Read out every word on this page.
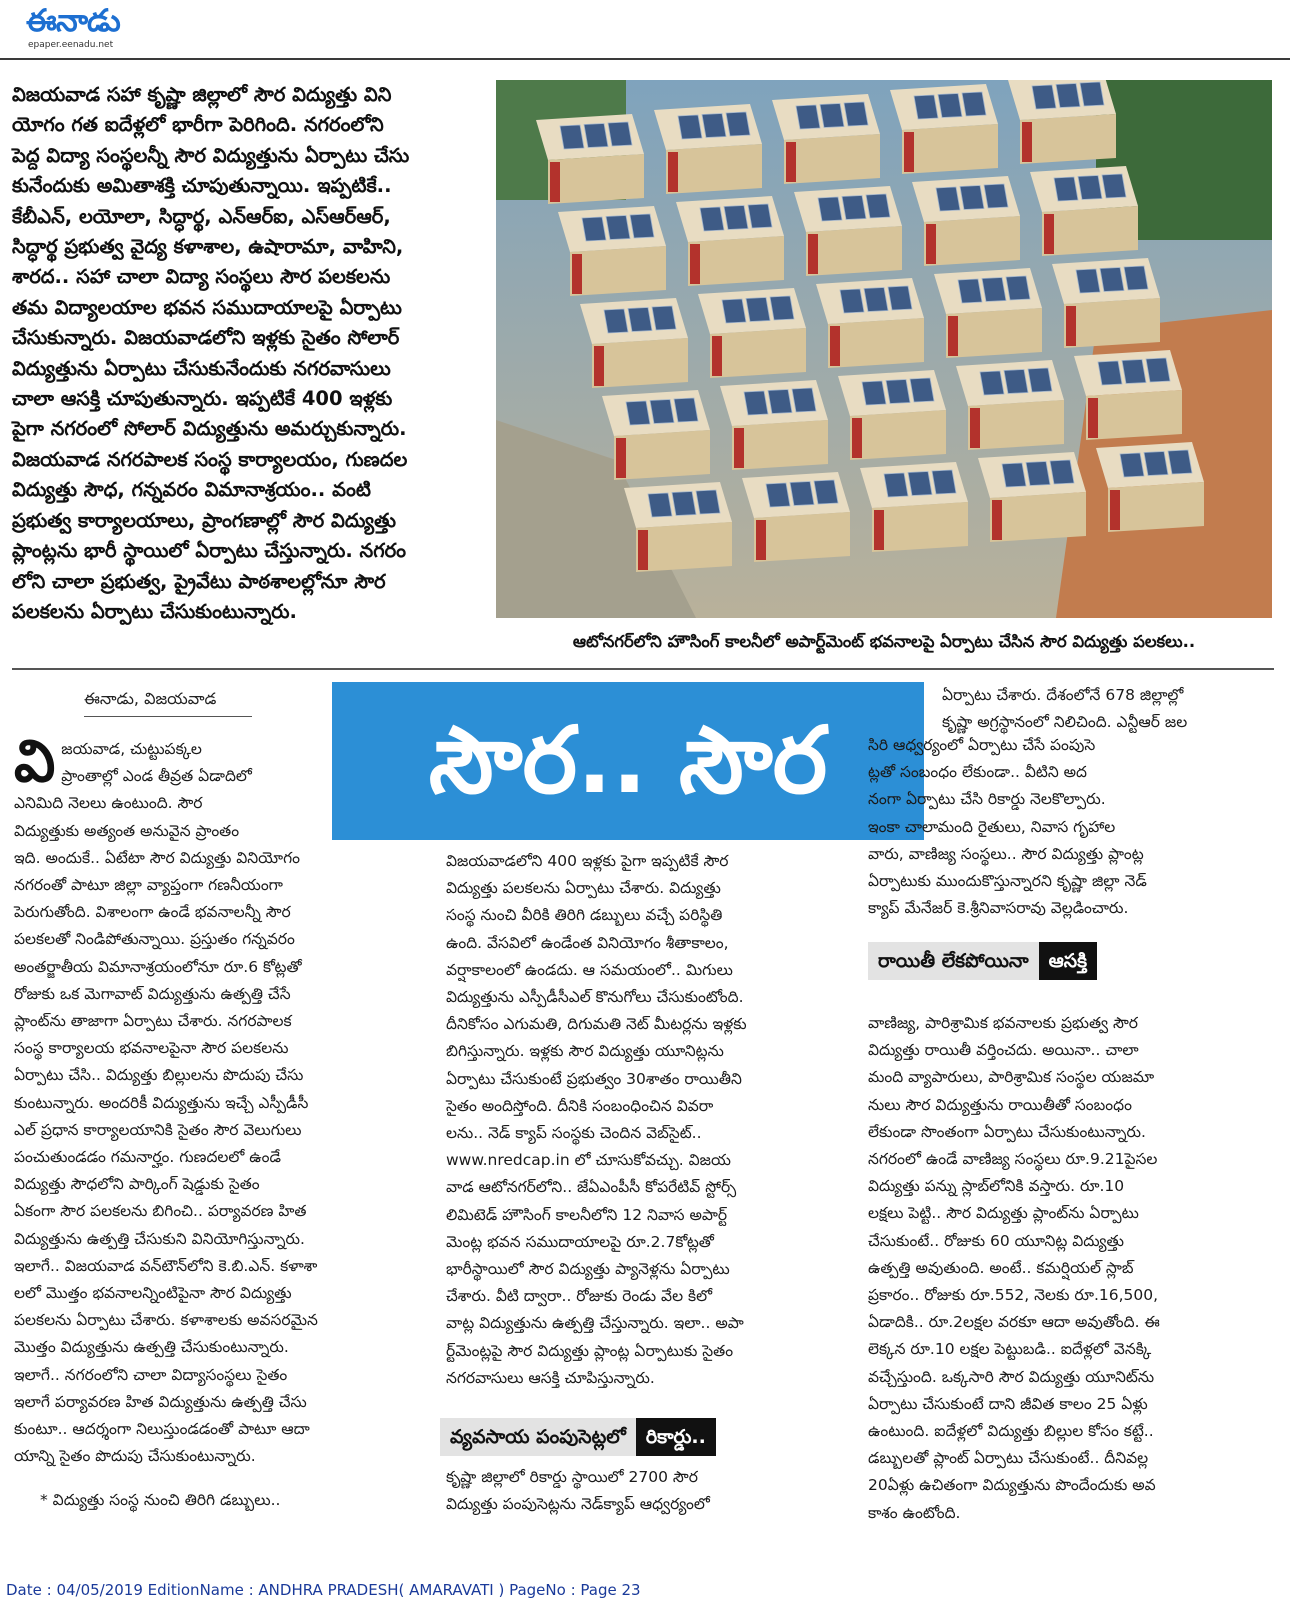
ఈనాడు
epaper.eenadu.net

విజయవాడ సహా కృష్ణా జిల్లాలో సౌర విద్యుత్తు విని

యోగం గత ఐదేళ్లలో భారీగా పెరిగింది. నగరంలోని

పెద్ద విద్యా సంస్థలన్నీ సౌర విద్యుత్తును ఏర్పాటు చేసు

కునేందుకు అమితాశక్తి చూపుతున్నాయి. ఇప్పటికే..

కేబీఎన్, లయోలా, సిద్ధార్థ, ఎన్ఆర్ఐ, ఎస్ఆర్ఆర్,

సిద్ధార్థ ప్రభుత్వ వైద్య కళాశాల, ఉషారామా, వాహిని,

శారద.. సహా చాలా విద్యా సంస్థలు సౌర పలకలను

తమ విద్యాలయాల భవన సముదాయాలపై ఏర్పాటు

చేసుకున్నారు. విజయవాడలోని ఇళ్లకు సైతం సోలార్

విద్యుత్తును ఏర్పాటు చేసుకునేందుకు నగరవాసులు

చాలా ఆసక్తి చూపుతున్నారు. ఇప్పటికే 400 ఇళ్లకు

పైగా నగరంలో సోలార్ విద్యుత్తును అమర్చుకున్నారు.

విజయవాడ నగరపాలక సంస్థ కార్యాలయం, గుణదల

విద్యుత్తు సౌధ, గన్నవరం విమానాశ్రయం.. వంటి

ప్రభుత్వ కార్యాలయాలు, ప్రాంగణాల్లో సౌర విద్యుత్తు

ప్లాంట్లను భారీ స్థాయిలో ఏర్పాటు చేస్తున్నారు. నగరం

లోని చాలా ప్రభుత్వ, ప్రైవేటు పాఠశాలల్లోనూ సౌర

పలకలను ఏర్పాటు చేసుకుంటున్నారు.

ఆటోనగర్‌లోని హౌసింగ్ కాలనీలో అపార్ట్‌మెంట్ భవనాలపై ఏర్పాటు చేసిన సౌర విద్యుత్తు పలకలు..
ఈనాడు, విజయవాడ
సౌర.. సౌర
వి జయవాడ, చుట్టుపక్కల

ప్రాంతాల్లో ఎండ తీవ్రత ఏడాదిలో

ఎనిమిది నెలలు ఉంటుంది. సౌర

విద్యుత్తుకు అత్యంత అనువైన ప్రాంతం

ఇది. అందుకే.. ఏటేటా సౌర విద్యుత్తు వినియోగం

నగరంతో పాటూ జిల్లా వ్యాప్తంగా గణనీయంగా

పెరుగుతోంది. విశాలంగా ఉండే భవనాలన్నీ సౌర

పలకలతో నిండిపోతున్నాయి. ప్రస్తుతం గన్నవరం

అంతర్జాతీయ విమానాశ్రయంలోనూ రూ.6 కోట్లతో

రోజుకు ఒక మెగావాట్ విద్యుత్తును ఉత్పత్తి చేసే

ప్లాంట్‌ను తాజాగా ఏర్పాటు చేశారు. నగరపాలక

సంస్థ కార్యాలయ భవనాలపైనా సౌర పలకలను

ఏర్పాటు చేసి.. విద్యుత్తు బిల్లులను పొదుపు చేసు

కుంటున్నారు. అందరికీ విద్యుత్తును ఇచ్చే ఎస్పీడీసీ

ఎల్ ప్రధాన కార్యాలయానికి సైతం సౌర వెలుగులు

పంచుతుండడం గమనార్హం. గుణదలలో ఉండే

విద్యుత్తు సౌధలోని పార్కింగ్ షెడ్డుకు సైతం

ఏకంగా సౌర పలకలను బిగించి.. పర్యావరణ హిత

విద్యుత్తును ఉత్పత్తి చేసుకుని వినియోగిస్తున్నారు.

ఇలాగే.. విజయవాడ వన్‌టౌన్‌లోని కె.బి.ఎన్. కళాశా

లలో మొత్తం భవనాలన్నింటిపైనా సౌర విద్యుత్తు

పలకలను ఏర్పాటు చేశారు. కళాశాలకు అవసరమైన

మొత్తం విద్యుత్తును ఉత్పత్తి చేసుకుంటున్నారు.

ఇలాగే.. నగరంలోని చాలా విద్యాసంస్థలు సైతం

ఇలాగే పర్యావరణ హిత విద్యుత్తును ఉత్పత్తి చేసు

కుంటూ.. ఆదర్శంగా నిలుస్తుండడంతో పాటూ ఆదా

యాన్ని సైతం పొదుపు చేసుకుంటున్నారు.

* విద్యుత్తు సంస్థ నుంచి తిరిగి డబ్బులు..

విజయవాడలోని 400 ఇళ్లకు పైగా ఇప్పటికే సౌర

విద్యుత్తు పలకలను ఏర్పాటు చేశారు. విద్యుత్తు

సంస్థ నుంచి వీరికి తిరిగి డబ్బులు వచ్చే పరిస్థితి

ఉంది. వేసవిలో ఉండేంత వినియోగం శీతాకాలం,

వర్షాకాలంలో ఉండదు. ఆ సమయంలో.. మిగులు

విద్యుత్తును ఎస్పీడీసీఎల్ కొనుగోలు చేసుకుంటోంది.

దీనికోసం ఎగుమతి, దిగుమతి నెట్ మీటర్లను ఇళ్లకు

బిగిస్తున్నారు. ఇళ్లకు సౌర విద్యుత్తు యూనిట్లను

ఏర్పాటు చేసుకుంటే ప్రభుత్వం 30శాతం రాయితీని

సైతం అందిస్తోంది. దీనికి సంబంధించిన వివరా

లను.. నెడ్ క్యాప్ సంస్థకు చెందిన వెబ్‌సైట్..

www.nredcap.in లో చూసుకోవచ్చు. విజయ

వాడ ఆటోనగర్‌లోని.. జేఏఎంపీసీ కోపరేటివ్ స్టోర్స్

లిమిటెడ్ హౌసింగ్ కాలనీలోని 12 నివాస అపార్ట్

మెంట్ల భవన సముదాయాలపై రూ.2.7కోట్లతో

భారీస్థాయిలో సౌర విద్యుత్తు ప్యానెళ్లను ఏర్పాటు

చేశారు. వీటి ద్వారా.. రోజుకు రెండు వేల కిలో

వాట్ల విద్యుత్తును ఉత్పత్తి చేస్తున్నారు. ఇలా.. అపా

ర్ట్‌మెంట్లపై సౌర విద్యుత్తు ప్లాంట్ల ఏర్పాటుకు సైతం

నగరవాసులు ఆసక్తి చూపిస్తున్నారు.

వ్యవసాయ పంపుసెట్లలో రికార్డు..

కృష్ణా జిల్లాలో రికార్డు స్థాయిలో 2700 సౌర

విద్యుత్తు పంపుసెట్లను నెడ్‌క్యాప్ ఆధ్వర్యంలో

ఏర్పాటు చేశారు. దేశంలోనే 678 జిల్లాల్లో

కృష్ణా అగ్రస్థానంలో నిలిచింది. ఎన్టీఆర్ జల

సిరి ఆధ్వర్యంలో ఏర్పాటు చేసే పంపుసె

ట్లతో సంబంధం లేకుండా.. వీటిని అద

నంగా ఏర్పాటు చేసి రికార్డు నెలకొల్పారు.

ఇంకా చాలామంది రైతులు, నివాస గృహాల

వారు, వాణిజ్య సంస్థలు.. సౌర విద్యుత్తు ప్లాంట్ల

ఏర్పాటుకు ముందుకొస్తున్నారని కృష్ణా జిల్లా నెడ్

క్యాప్ మేనేజర్ కె.శ్రీనివాసరావు వెల్లడించారు.

రాయితీ లేకపోయినా ఆసక్తి

వాణిజ్య, పారిశ్రామిక భవనాలకు ప్రభుత్వ సౌర

విద్యుత్తు రాయితీ వర్తించదు. అయినా.. చాలా

మంది వ్యాపారులు, పారిశ్రామిక సంస్థల యజమా

నులు సౌర విద్యుత్తును రాయితీతో సంబంధం

లేకుండా సొంతంగా ఏర్పాటు చేసుకుంటున్నారు.

నగరంలో ఉండే వాణిజ్య సంస్థలు రూ.9.21పైసల

విద్యుత్తు పన్ను స్లాబ్‌లోనికి వస్తారు. రూ.10

లక్షలు పెట్టి.. సౌర విద్యుత్తు ప్లాంట్‌ను ఏర్పాటు

చేసుకుంటే.. రోజుకు 60 యూనిట్ల విద్యుత్తు

ఉత్పత్తి అవుతుంది. అంటే.. కమర్షియల్ స్లాబ్

ప్రకారం.. రోజుకు రూ.552, నెలకు రూ.16,500,

ఏడాదికి.. రూ.2లక్షల వరకూ ఆదా అవుతోంది. ఈ

లెక్కన రూ.10 లక్షల పెట్టుబడి.. ఐదేళ్లలో వెనక్కి

వచ్చేస్తుంది. ఒక్కసారి సౌర విద్యుత్తు యూనిట్‌ను

ఏర్పాటు చేసుకుంటే దాని జీవిత కాలం 25 ఏళ్లు

ఉంటుంది. ఐదేళ్లలో విద్యుత్తు బిల్లుల కోసం కట్టే..

డబ్బులతో ప్లాంట్ ఏర్పాటు చేసుకుంటే.. దీనివల్ల

20ఏళ్లు ఉచితంగా విద్యుత్తును పొందేందుకు అవ

కాశం ఉంటోంది.

Date : 04/05/2019 EditionName : ANDHRA PRADESH( AMARAVATI ) PageNo : Page 23
